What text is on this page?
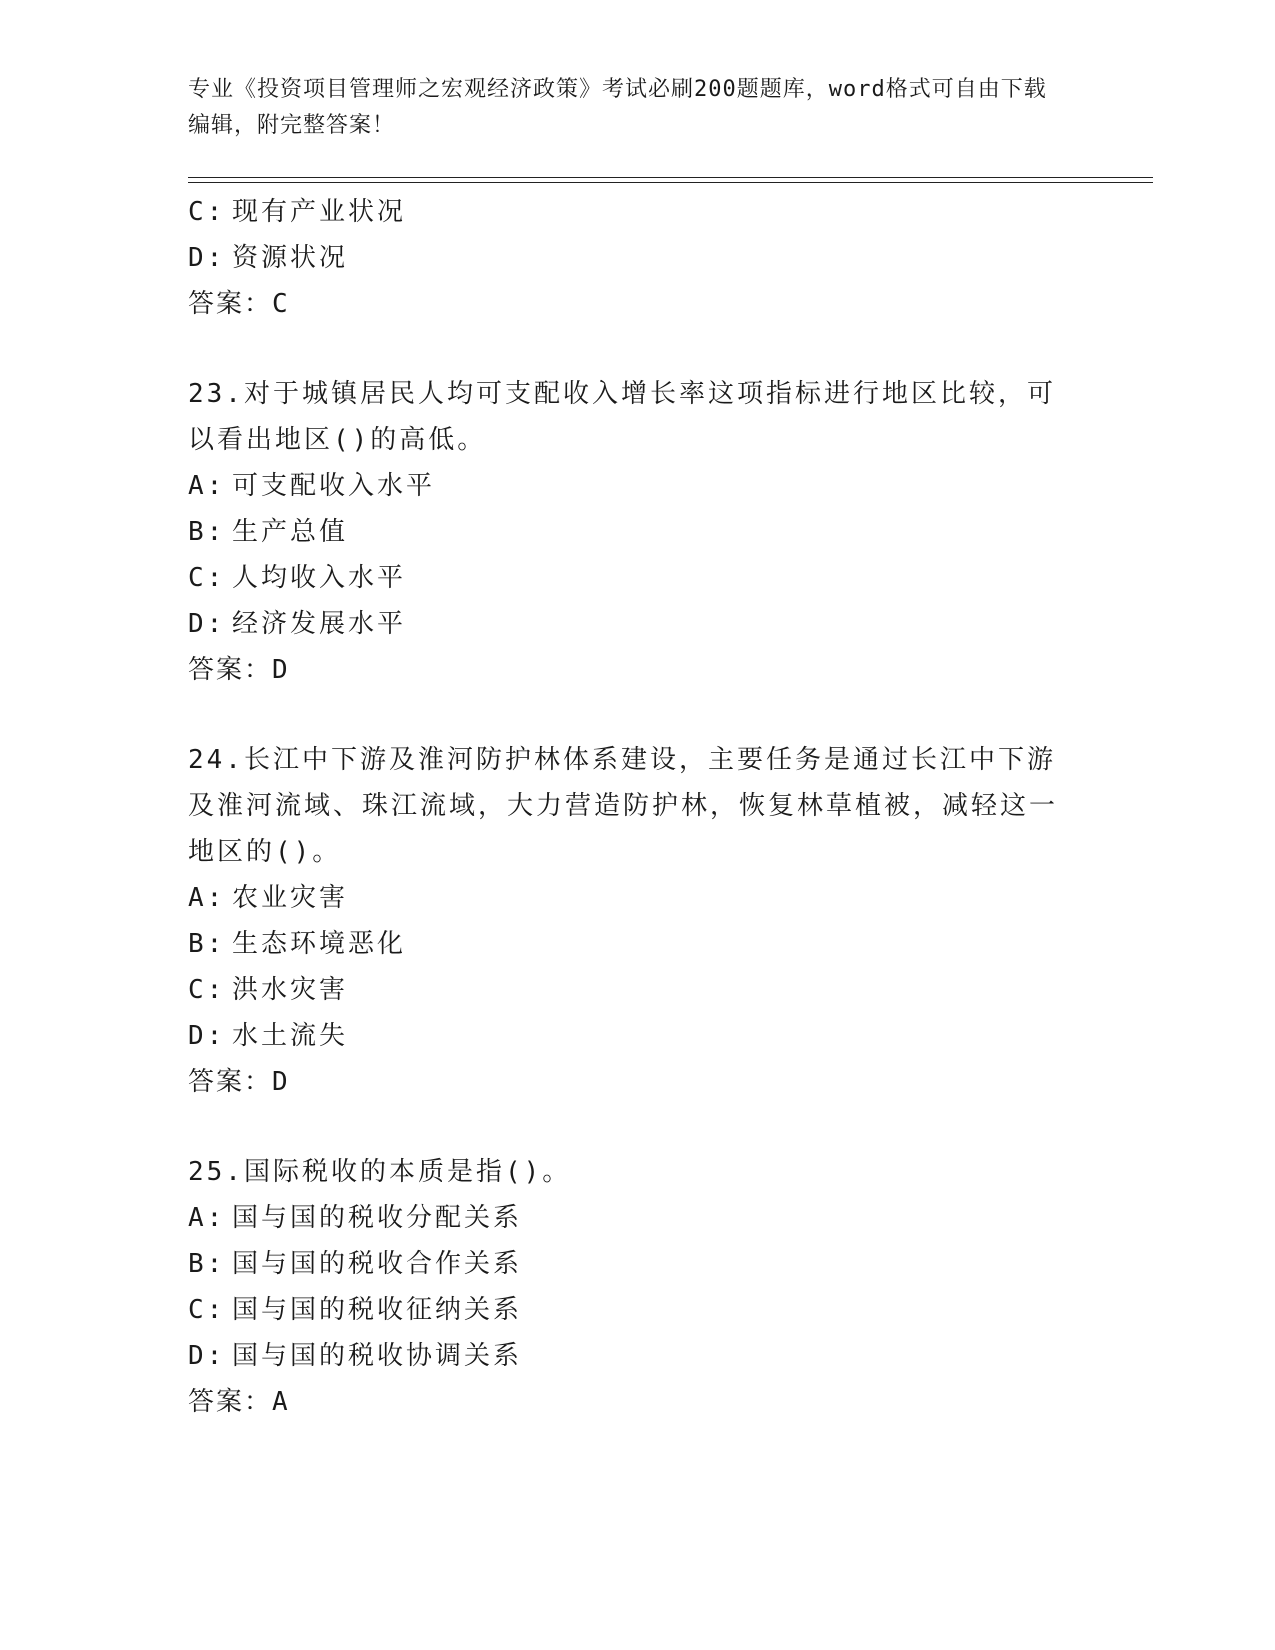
专业《投资项目管理师之宏观经济政策》考试必刷200题题库，word格式可自由下载编辑，附完整答案！
C: 现有产业状况
D: 资源状况
答案：C
23.对于城镇居民人均可支配收入增长率这项指标进行地区比较，可以看出地区()的高低。
A: 可支配收入水平
B: 生产总值
C: 人均收入水平
D: 经济发展水平
答案：D
24.长江中下游及淮河防护林体系建设，主要任务是通过长江中下游及淮河流域、珠江流域，大力营造防护林，恢复林草植被，减轻这一地区的()。
A: 农业灾害
B: 生态环境恶化
C: 洪水灾害
D: 水土流失
答案：D
25.国际税收的本质是指()。
A: 国与国的税收分配关系
B: 国与国的税收合作关系
C: 国与国的税收征纳关系
D: 国与国的税收协调关系
答案：A
